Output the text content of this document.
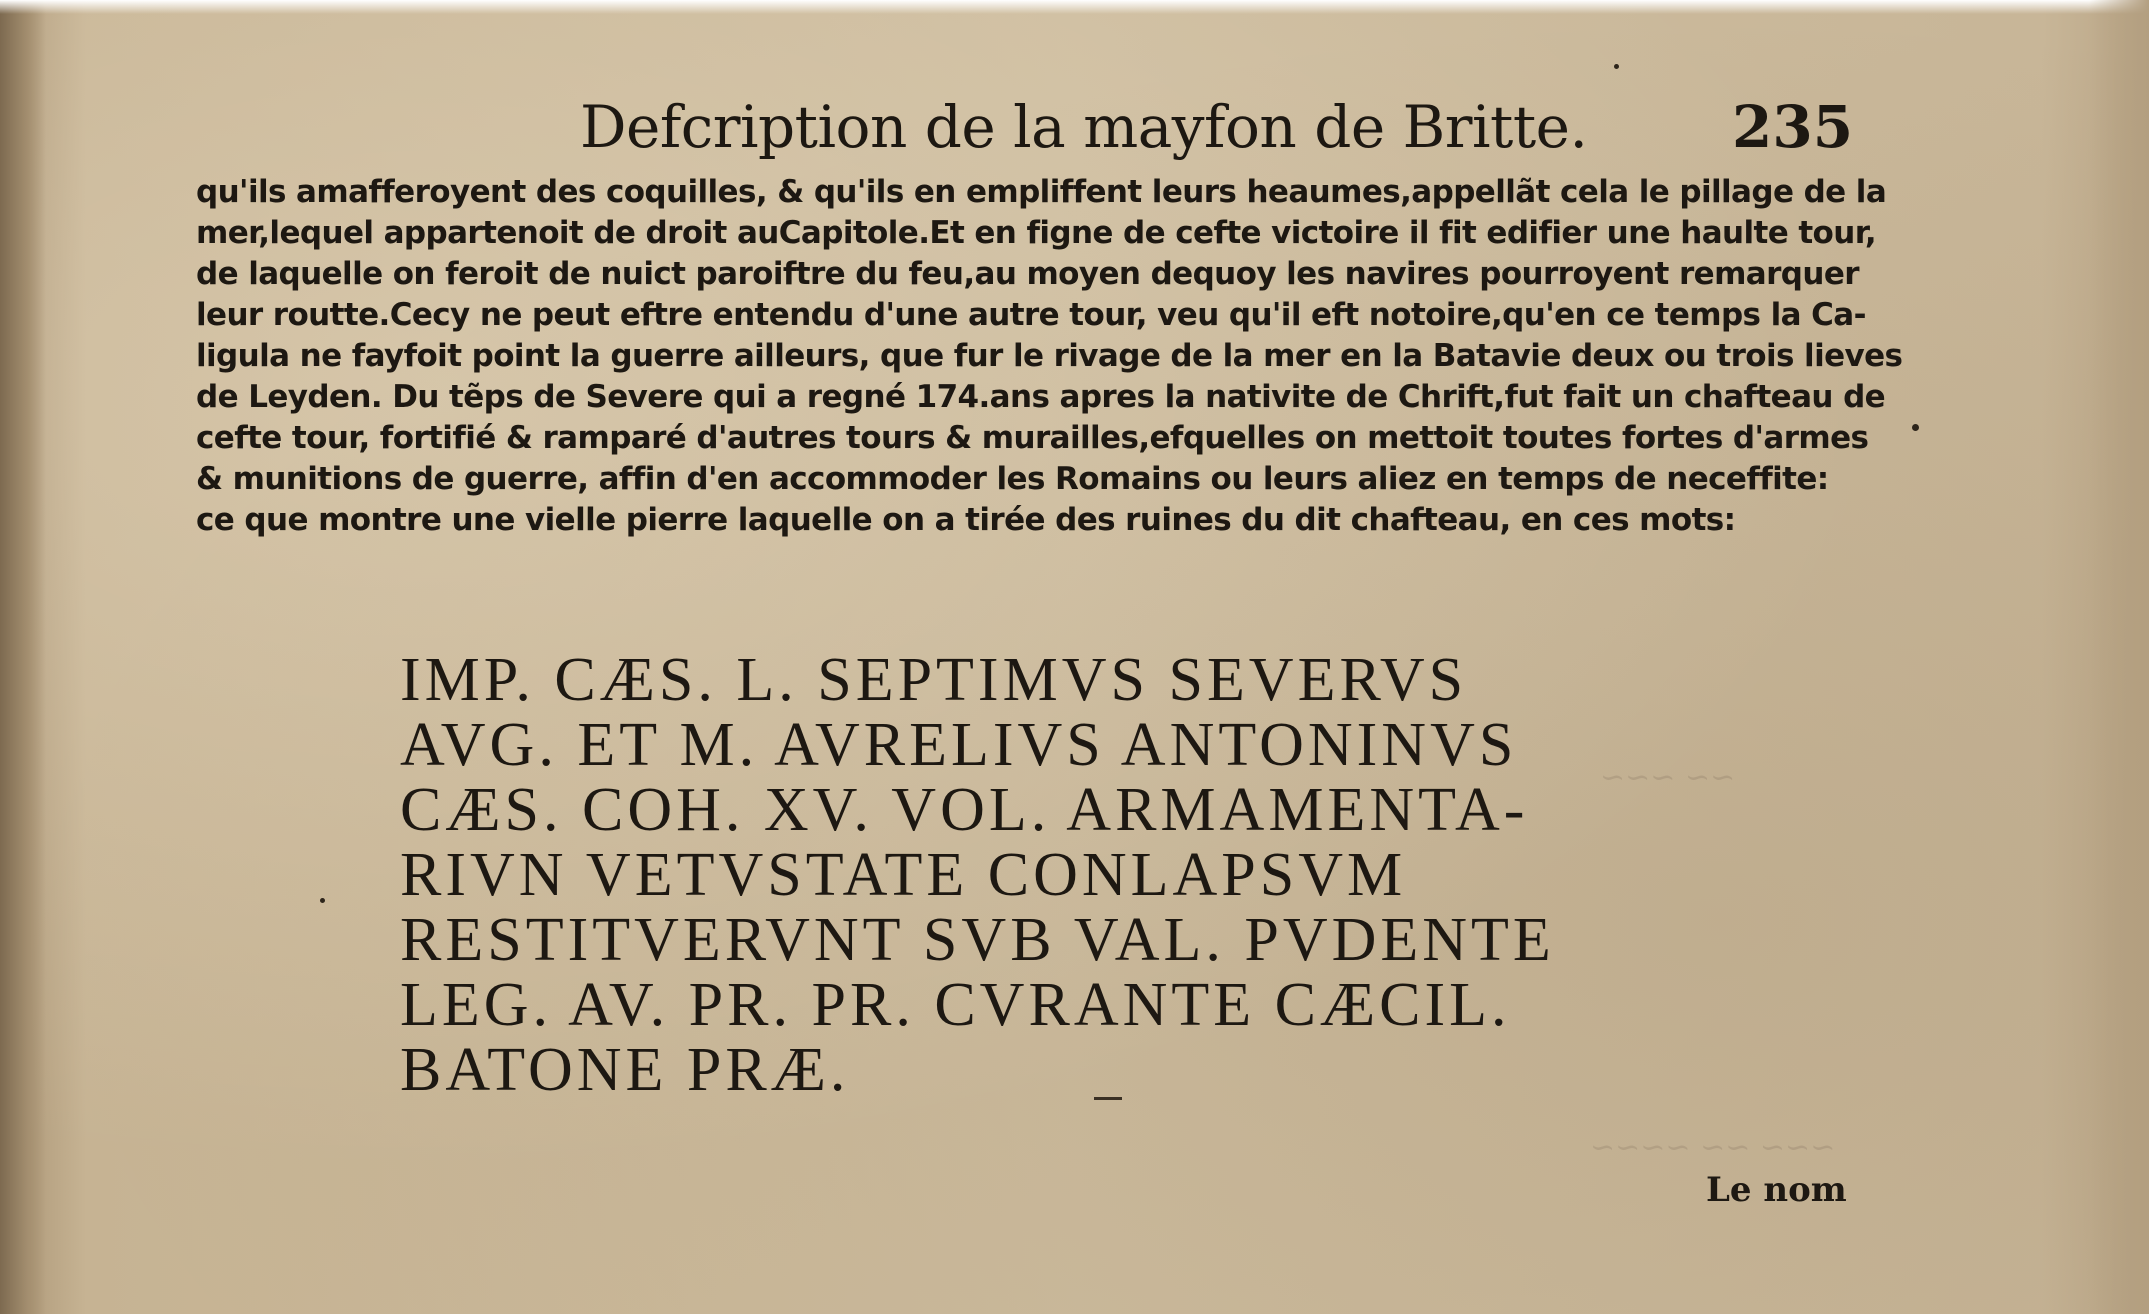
~~~ ~~ ~~~~
~~ ~~~
Defcription de la mayfon de Britte. 235
qu'ils amafferoyent des coquilles, & qu'ils en empliffent leurs heaumes,appellãt cela le pillage de la
mer,lequel appartenoit de droit auCapitole.Et en figne de cefte victoire il fit edifier une haulte tour,
de laquelle on feroit de nuict paroiftre du feu,au moyen dequoy les navires pourroyent remarquer
leur routte.Cecy ne peut eftre entendu d'une autre tour, veu qu'il eft notoire,qu'en ce temps la Ca-
ligula ne fayfoit point la guerre ailleurs, que fur le rivage de la mer en la Batavie deux ou trois lieves
de Leyden. Du tẽps de Severe qui a regné 174.ans apres la nativite de Chrift,fut fait un chafteau de
cefte tour, fortifié & ramparé d'autres tours & murailles,efquelles on mettoit toutes fortes d'armes
& munitions de guerre, affin d'en accommoder les Romains ou leurs aliez en temps de neceffite:
ce que montre une vielle pierre laquelle on a tirée des ruines du dit chafteau, en ces mots:
IMP. CÆS. L. SEPTIMVS SEVERVS
AVG. ET M. AVRELIVS ANTONINVS
CÆS. COH. XV. VOL. ARMAMENTA-
RIVN VETVSTATE CONLAPSVM
RESTITVERVNT SVB VAL. PVDENTE
LEG. AV. PR. PR. CVRANTE CÆCIL.
BATONE PRÆ.
Le nom
